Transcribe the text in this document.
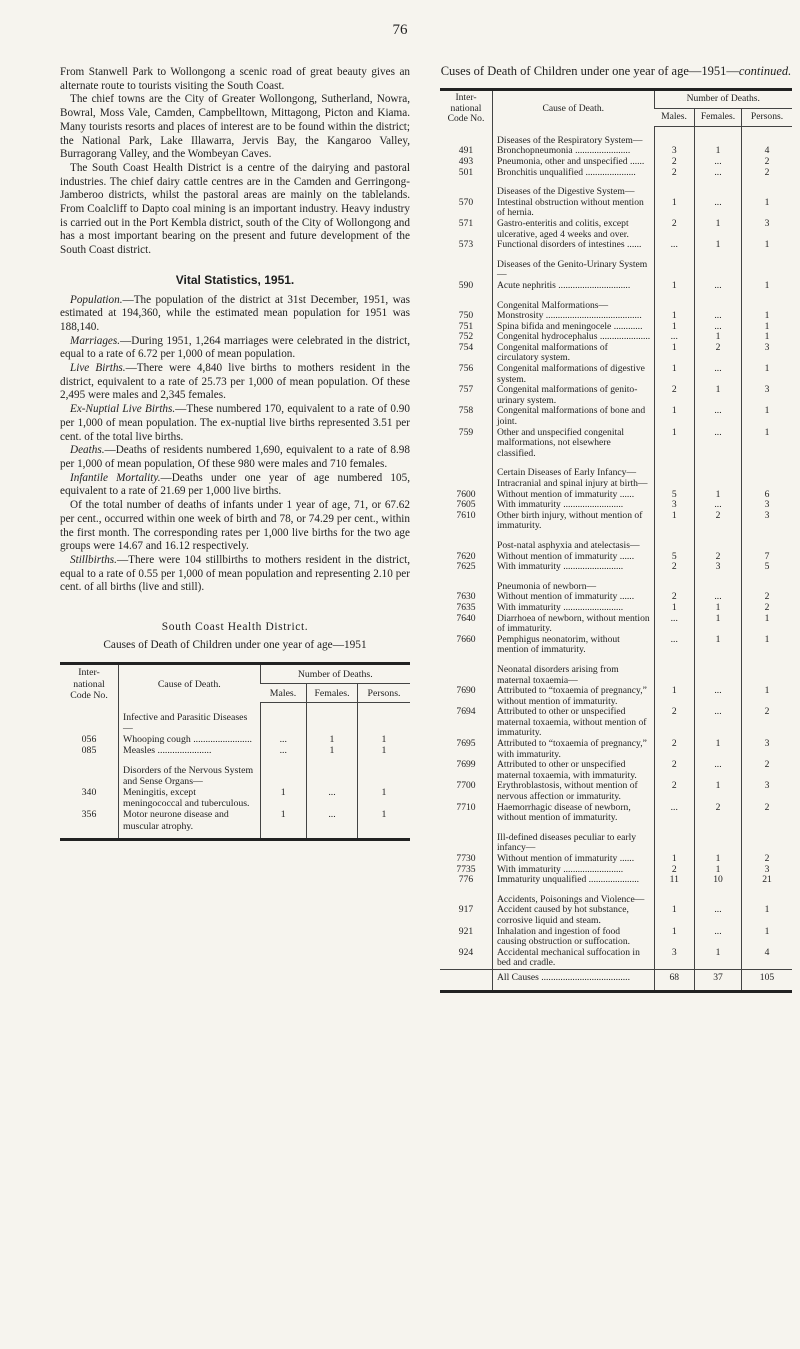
76

From Stanwell Park to Wollongong a scenic road of great beauty gives an alternate route to tourists visiting the South Coast.

The chief towns are the City of Greater Wollongong, Sutherland, Nowra, Bowral, Moss Vale, Camden, Campbelltown, Mittagong, Picton and Kiama. Many tourists resorts and places of interest are to be found within the district; the National Park, Lake Illawarra, Jervis Bay, the Kangaroo Valley, Burragorang Valley, and the Wombeyan Caves.

The South Coast Health District is a centre of the dairying and pastoral industries. The chief dairy cattle centres are in the Camden and Gerringong-Jamberoo districts, whilst the pastoral areas are mainly on the tablelands. From Coalcliff to Dapto coal mining is an important industry. Heavy industry is carried out in the Port Kembla district, south of the City of Wollongong and has a most important bearing on the present and future development of the South Coast district.

Vital Statistics, 1951.

Population.—The population of the district at 31st December, 1951, was estimated at 194,360, while the estimated mean population for 1951 was 188,140.

Marriages.—During 1951, 1,264 marriages were celebrated in the district, equal to a rate of 6.72 per 1,000 of mean population.

Live Births.—There were 4,840 live births to mothers resident in the district, equivalent to a rate of 25.73 per 1,000 of mean population. Of these 2,495 were males and 2,345 females.

Ex-Nuptial Live Births.—These numbered 170, equivalent to a rate of 0.90 per 1,000 of mean population. The ex-nuptial live births represented 3.51 per cent. of the total live births.

Deaths.—Deaths of residents numbered 1,690, equivalent to a rate of 8.98 per 1,000 of mean population, Of these 980 were males and 710 females.

Infantile Mortality.—Deaths under one year of age numbered 105, equivalent to a rate of 21.69 per 1,000 live births.

Of the total number of deaths of infants under 1 year of age, 71, or 67.62 per cent., occurred within one week of birth and 78, or 74.29 per cent., within the first month. The corresponding rates per 1,000 live births for the two age groups were 14.67 and 16.12 respectively.

Stillbirths.—There were 104 stillbirths to mothers resident in the district, equal to a rate of 0.55 per 1,000 of mean population and representing 2.10 per cent. of all births (live and still).

South Coast Health District.
Causes of Death of Children under one year of age—1951
Inter- national Code No.	Cause of Death.	Number of Deaths.		
		Males.	Females.	Persons.
	Infective and Parasitic Diseases—			
056	Whooping cough ........................	...	1	1
085	Measles ......................	...	1	1
	Disorders of the Nervous System and Sense Organs—			
340	Meningitis, except meningococcal and tuberculous.	1	...	1
356	Motor neurone disease and muscular atrophy.	1	...	1
Cuses of Death of Children under one year of age—1951—continued.
Inter- national Code No.	Cause of Death.	Number of Deaths.		
		Males.	Females.	Persons.
	Diseases of the Respiratory System—			
491	Bronchopneumonia .......................	3	1	4
493	Pneumonia, other and unspecified ......	2	...	2
501	Bronchitis unqualified .....................	2	...	2
	Diseases of the Digestive System—			
570	Intestinal obstruction without mention of hernia.	1	...	1
571	Gastro-enteritis and colitis, except ulcerative, aged 4 weeks and over.	2	1	3
573	Functional disorders of intestines ......	...	1	1
	Diseases of the Genito-Urinary System—			
590	Acute nephritis ..............................	1	...	1
	Congenital Malformations—			
750	Monstrosity ........................................	1	...	1
751	Spina bifida and meningocele ............	1	...	1
752	Congenital hydrocephalus .....................	...	1	1
754	Congenital malformations of circulatory system.	1	2	3
756	Congenital malformations of digestive system.	1	...	1
757	Congenital malformations of genito-urinary system.	2	1	3
758	Congenital malformations of bone and joint.	1	...	1
759	Other and unspecified congenital malformations, not elsewhere classified.	1	...	1
	Certain Diseases of Early Infancy— Intracranial and spinal injury at birth—			
7600	Without mention of immaturity ......	5	1	6
7605	With immaturity .........................	3	...	3
7610	Other birth injury, without mention of immaturity.	1	2	3
	Post-natal asphyxia and atelectasis—			
7620	Without mention of immaturity ......	5	2	7
7625	With immaturity .........................	2	3	5
	Pneumonia of newborn—			
7630	Without mention of immaturity ......	2	...	2
7635	With immaturity .........................	1	1	2
7640	Diarrhoea of newborn, without mention of immaturity.	...	1	1
7660	Pemphigus neonatorim, without mention of immaturity.	...	1	1
	Neonatal disorders arising from maternal toxaemia—			
7690	Attributed to “toxaemia of pregnancy,” without mention of immaturity.	1	...	1
7694	Attributed to other or unspecified maternal toxaemia, without mention of immaturity.	2	...	2
7695	Attributed to “toxaemia of pregnancy,” with immaturity.	2	1	3
7699	Attributed to other or unspecified maternal toxaemia, with immaturity.	2	...	2
7700	Erythroblastosis, without mention of nervous affection or immaturity.	2	1	3
7710	Haemorrhagic disease of newborn, without mention of immaturity.	...	2	2
	Ill-defined diseases peculiar to early infancy—			
7730	Without mention of immaturity ......	1	1	2
7735	With immaturity .........................	2	1	3
776	Immaturity unqualified .....................	11	10	21
	Accidents, Poisonings and Violence—			
917	Accident caused by hot substance, corrosive liquid and steam.	1	...	1
921	Inhalation and ingestion of food causing obstruction or suffocation.	1	...	1
924	Accidental mechanical suffocation in bed and cradle.	3	1	4
	All Causes .....................................	68	37	105
